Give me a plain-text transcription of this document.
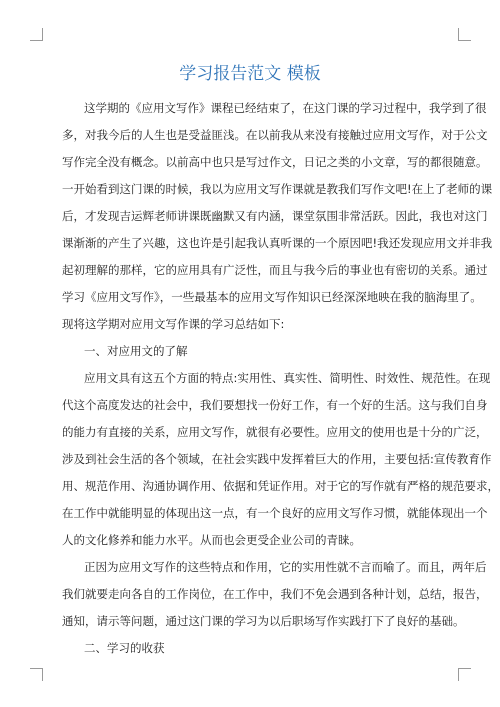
学习报告范文 模板

这学期的《应用文写作》课程已经结束了，在这门课的学习过程中，我学到了很

多，对我今后的人生也是受益匪浅。在以前我从来没有接触过应用文写作，对于公文

写作完全没有概念。以前高中也只是写过作文，日记之类的小文章，写的都很随意。

一开始看到这门课的时候，我以为应用文写作课就是教我们写作文吧!在上了老师的课

后，才发现吉运辉老师讲课既幽默又有内涵，课堂氛围非常活跃。因此，我也对这门

课渐渐的产生了兴趣，这也许是引起我认真听课的一个原因吧!我还发现应用文并非我

起初理解的那样，它的应用具有广泛性，而且与我今后的事业也有密切的关系。通过

学习《应用文写作》，一些最基本的应用文写作知识已经深深地映在我的脑海里了。

现将这学期对应用文写作课的学习总结如下:

一、对应用文的了解

应用文具有这五个方面的特点:实用性、真实性、简明性、时效性、规范性。在现

代这个高度发达的社会中，我们要想找一份好工作，有一个好的生活。这与我们自身

的能力有直接的关系，应用文写作，就很有必要性。应用文的使用也是十分的广泛，

涉及到社会生活的各个领域，在社会实践中发挥着巨大的作用，主要包括:宣传教育作

用、规范作用、沟通协调作用、依据和凭证作用。对于它的写作就有严格的规范要求，

在工作中就能明显的体现出这一点，有一个良好的应用文写作习惯，就能体现出一个

人的文化修养和能力水平。从而也会更受企业公司的青睐。

正因为应用文写作的这些特点和作用，它的实用性就不言而喻了。而且，两年后

我们就要走向各自的工作岗位，在工作中，我们不免会遇到各种计划，总结，报告，

通知，请示等问题，通过这门课的学习为以后职场写作实践打下了良好的基础。

二、学习的收获
